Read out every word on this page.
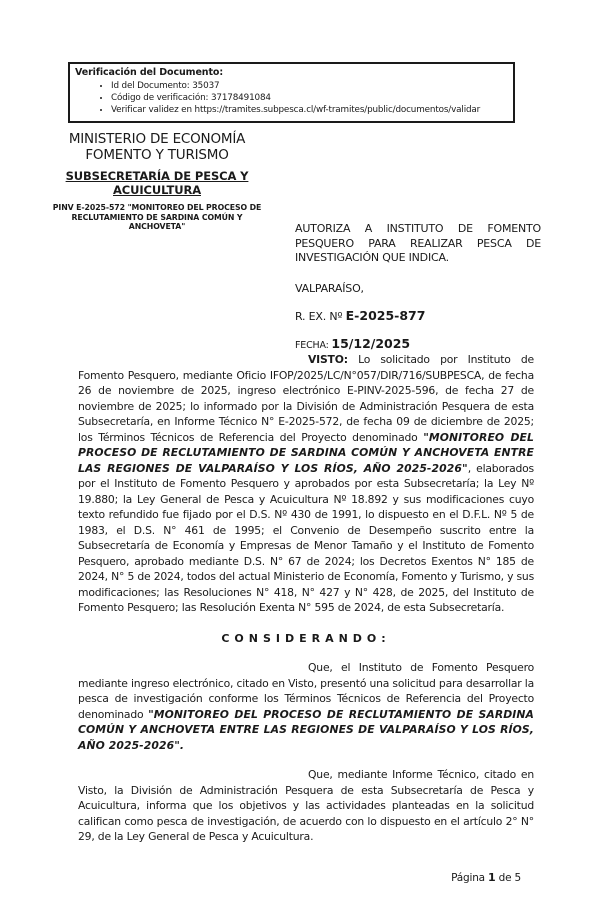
Verificación del Documento:
• Id del Documento: 35037
• Código de verificación: 37178491084
• Verificar validez en https://tramites.subpesca.cl/wf-tramites/public/documentos/validar
MINISTERIO DE ECONOMÍA
FOMENTO Y TURISMO
SUBSECRETARÍA DE PESCA Y ACUICULTURA
PINV E-2025-572 "MONITOREO DEL PROCESO DE RECLUTAMIENTO DE SARDINA COMÚN Y ANCHOVETA"	AUTORIZA A INSTITUTO DE FOMENTO PESQUERO PARA REALIZAR PESCA DE INVESTIGACIÓN QUE INDICA.

VALPARAÍSO,

R. EX. Nº E-2025-877

FECHA: 15/12/2025

VISTO: Lo solicitado por Instituto de Fomento Pesquero, mediante Oficio IFOP/2025/LC/N°057/DIR/716/SUBPESCA, de fecha 26 de noviembre de 2025, ingreso electrónico E-PINV-2025-596, de fecha 27 de noviembre de 2025; lo informado por la División de Administración Pesquera de esta Subsecretaría, en Informe Técnico N° E-2025-572, de fecha 09 de diciembre de 2025; los Términos Técnicos de Referencia del Proyecto denominado "MONITOREO DEL PROCESO DE RECLUTAMIENTO DE SARDINA COMÚN Y ANCHOVETA ENTRE LAS REGIONES DE VALPARAÍSO Y LOS RÍOS, AÑO 2025-2026", elaborados por el Instituto de Fomento Pesquero y aprobados por esta Subsecretaría; la Ley Nº 19.880; la Ley General de Pesca y Acuicultura Nº 18.892 y sus modificaciones cuyo texto refundido fue fijado por el D.S. Nº 430 de 1991, lo dispuesto en el D.F.L. Nº 5 de 1983, el D.S. N° 461 de 1995; el Convenio de Desempeño suscrito entre la Subsecretaría de Economía y Empresas de Menor Tamaño y el Instituto de Fomento Pesquero, aprobado mediante D.S. N° 67 de 2024; los Decretos Exentos N° 185 de 2024, N° 5 de 2024, todos del actual Ministerio de Economía, Fomento y Turismo, y sus modificaciones; las Resoluciones N° 418, N° 427 y N° 428, de 2025, del Instituto de Fomento Pesquero; las Resolución Exenta N° 595 de 2024, de esta Subsecretaría.

CONSIDERANDO:

Que, el Instituto de Fomento Pesquero mediante ingreso electrónico, citado en Visto, presentó una solicitud para desarrollar la pesca de investigación conforme los Términos Técnicos de Referencia del Proyecto denominado "MONITOREO DEL PROCESO DE RECLUTAMIENTO DE SARDINA COMÚN Y ANCHOVETA ENTRE LAS REGIONES DE VALPARAÍSO Y LOS RÍOS, AÑO 2025-2026".

Que, mediante Informe Técnico, citado en Visto, la División de Administración Pesquera de esta Subsecretaría de Pesca y Acuicultura, informa que los objetivos y las actividades planteadas en la solicitud califican como pesca de investigación, de acuerdo con lo dispuesto en el artículo 2° N° 29, de la Ley General de Pesca y Acuicultura.

Página 1 de 5
